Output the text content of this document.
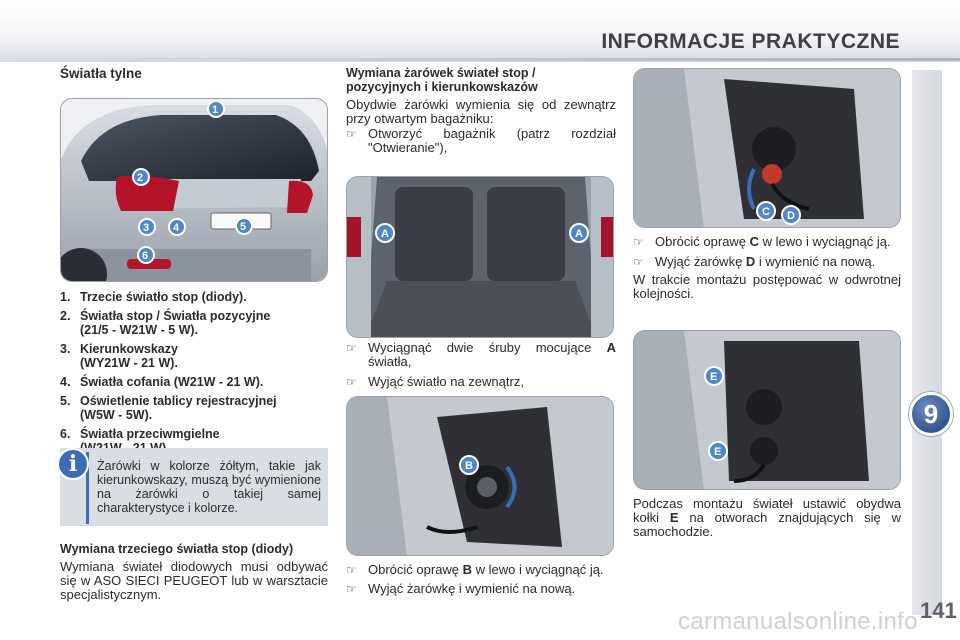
INFORMACJE PRAKTYCZNE
9
Światła tylne
1
2
3 4	5
6
1. Trzecie światło stop (diody).
2. Światła stop / Światła pozycyjne (21/5 - W21W - 5 W).
3. Kierunkowskazy (WY21W - 21 W).
4. Światła cofania (W21W - 21 W).
5. Oświetlenie tablicy rejestracyjnej (W5W - 5W).
6. Światła przeciwmgielne
i	Żarówki w kolorze żółtym, takie jak kierunkowskazy, muszą być wymienione na żarówki o takiej samej charakterystyce i kolorze.
Wymiana trzeciego światła stop (diody)
Wymiana świateł diodowych musi odbywać się w ASO SIECI PEUGEOT lub w warsztacie specjalistycznym.
Wymiana żarówek świateł stop / pozycyjnych i kierunkowskazów
Obydwie żarówki wymienia się od zewnątrz przy otwartym bagażniku:
☞ Otworzyć bagażnik (patrz rozdział "Otwieranie"),
A	A
☞ Wyciągnąć dwie śruby mocujące A światła,
☞ Wyjąć światło na zewnątrz,
B
☞ Obrócić oprawę B w lewo i wyciągnąć ją.
☞ Wyjąć żarówkę i wymienić na nową.
C D
☞ Obrócić oprawę C w lewo i wyciągnąć ją.
☞ Wyjąć żarówkę D i wymienić na nową.
W trakcie montażu postępować w odwrotnej kolejności.
E
E
Podczas montażu świateł ustawić obydwa kołki E na otworach znajdujących się w samochodzie.
141
carmanualsonline.info
